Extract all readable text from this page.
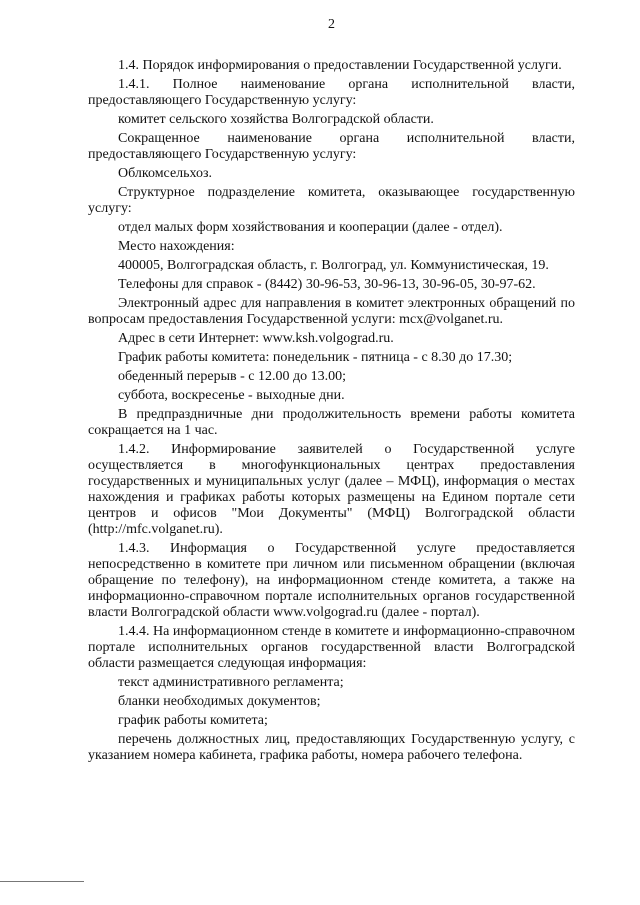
2

1.4. Порядок информирования о предоставлении Государственной услуги.

1.4.1. Полное наименование органа исполнительной власти, предоставляющего Государственную услугу:

комитет сельского хозяйства Волгоградской области.

Сокращенное наименование органа исполнительной власти, предоставляющего Государственную услугу:

Облкомсельхоз.

Структурное подразделение комитета, оказывающее государственную услугу:

отдел малых форм хозяйствования и кооперации (далее - отдел).

Место нахождения:

400005, Волгоградская область, г. Волгоград, ул. Коммунистическая, 19.

Телефоны для справок - (8442) 30-96-53, 30-96-13, 30-96-05, 30-97-62.

Электронный адрес для направления в комитет электронных обращений по вопросам предоставления Государственной услуги: mcx@volganet.ru.

Адрес в сети Интернет: www.ksh.volgograd.ru.

График работы комитета: понедельник - пятница - с 8.30 до 17.30;

обеденный перерыв - с 12.00 до 13.00;

суббота, воскресенье - выходные дни.

В предпраздничные дни продолжительность времени работы комитета сокращается на 1 час.

1.4.2. Информирование заявителей о Государственной услуге осуществляется в многофункциональных центрах предоставления государственных и муниципальных услуг (далее – МФЦ), информация о местах нахождения и графиках работы которых размещены на Едином портале сети центров и офисов "Мои Документы" (МФЦ) Волгоградской области (http://mfc.volganet.ru).

1.4.3. Информация о Государственной услуге предоставляется непосредственно в комитете при личном или письменном обращении (включая обращение по телефону), на информационном стенде комитета, а также на информационно-справочном портале исполнительных органов государственной власти Волгоградской области www.volgograd.ru (далее - портал).

1.4.4. На информационном стенде в комитете и информационно-справочном портале исполнительных органов государственной власти Волгоградской области размещается следующая информация:

текст административного регламента;

бланки необходимых документов;

график работы комитета;

перечень должностных лиц, предоставляющих Государственную услугу, с указанием номера кабинета, графика работы, номера рабочего телефона.
